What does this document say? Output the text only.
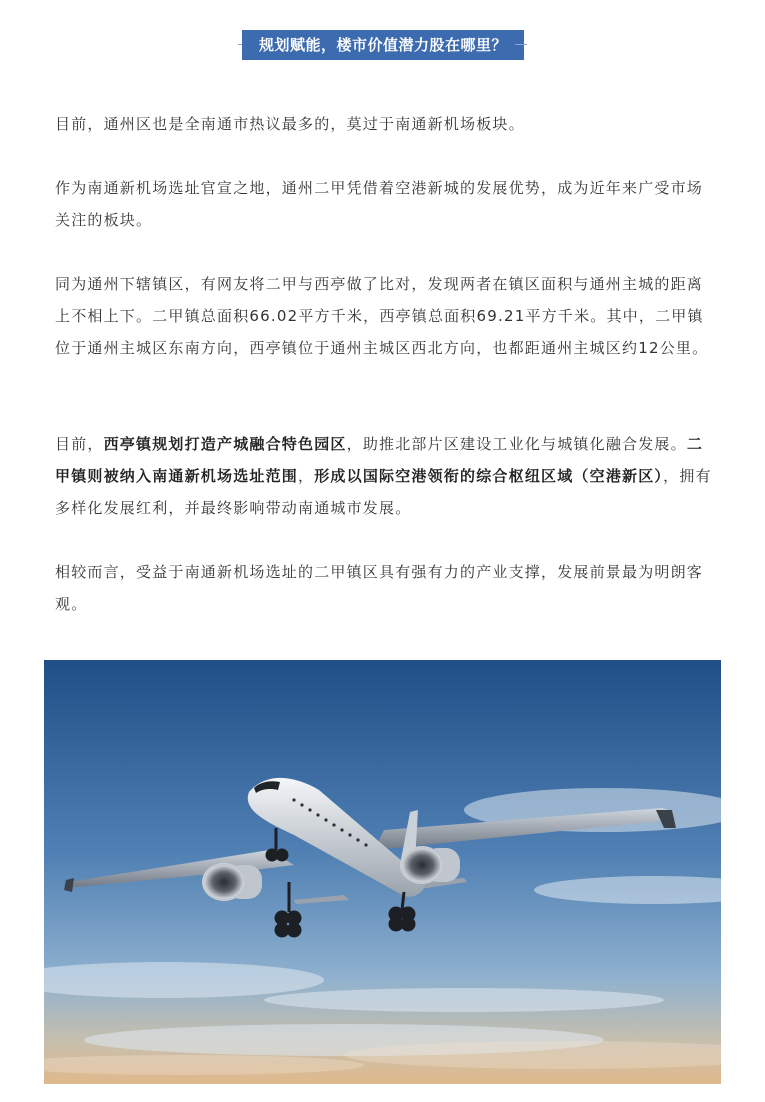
规划赋能，楼市价值潜力股在哪里？

目前，通州区也是全南通市热议最多的，莫过于南通新机场板块。

作为南通新机场选址官宣之地，通州二甲凭借着空港新城的发展优势，成为近年来广受市场关注的板块。

同为通州下辖镇区，有网友将二甲与西亭做了比对，发现两者在镇区面积与通州主城的距离上不相上下。二甲镇总面积66.02平方千米，西亭镇总面积69.21平方千米。其中，二甲镇位于通州主城区东南方向，西亭镇位于通州主城区西北方向，也都距通州主城区约12公里。

目前，西亭镇规划打造产城融合特色园区，助推北部片区建设工业化与城镇化融合发展。二甲镇则被纳入南通新机场选址范围，形成以国际空港领衔的综合枢纽区域（空港新区），拥有多样化发展红利，并最终影响带动南通城市发展。

相较而言，受益于南通新机场选址的二甲镇区具有强有力的产业支撑，发展前景最为明朗客观。
